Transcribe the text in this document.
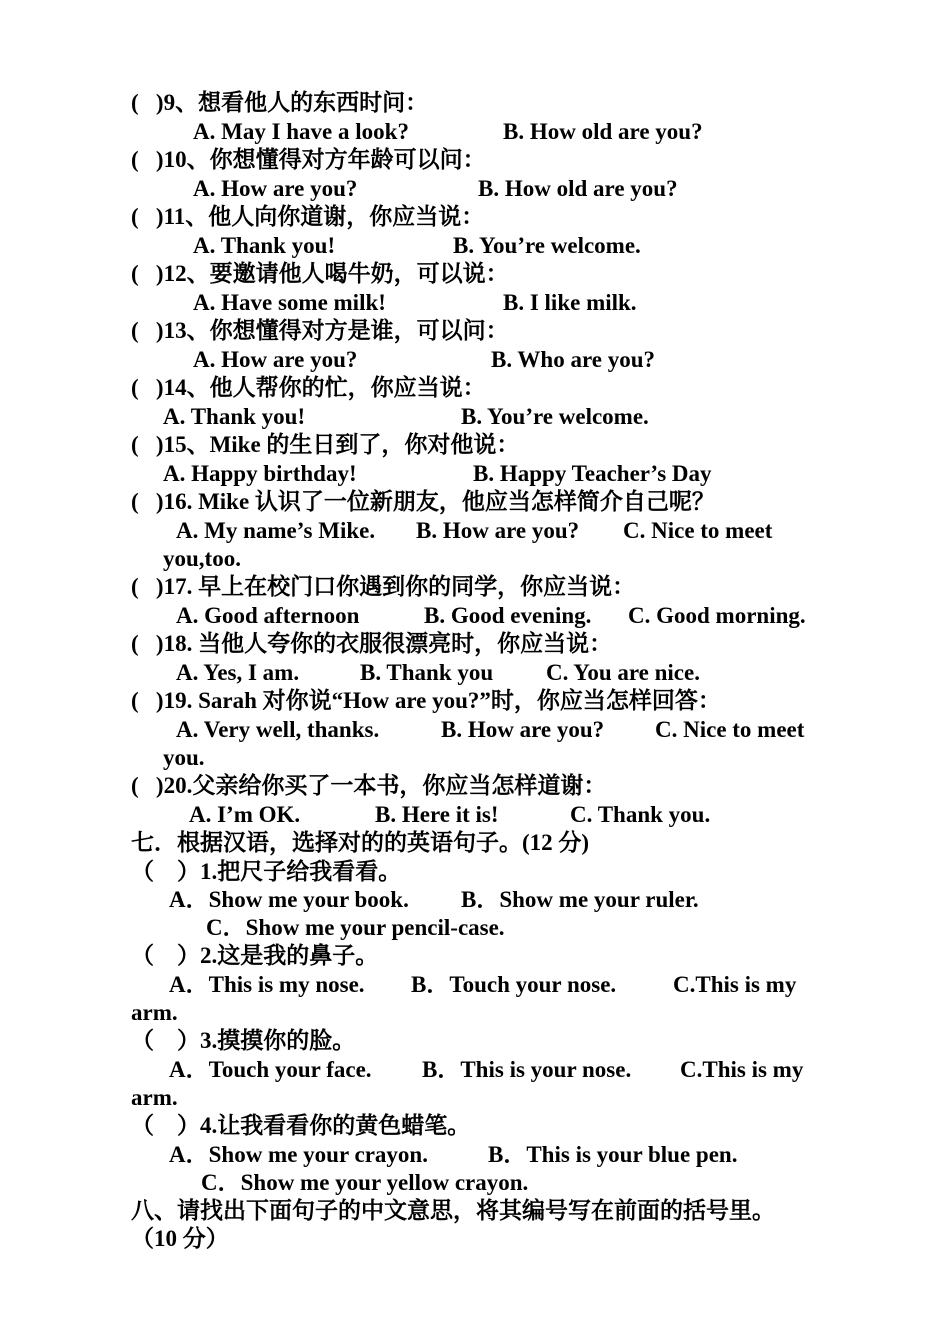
(   )9、想看他人的东西时问：
A. May I have a look?	B. How old are you?
(   )10、你想懂得对方年龄可以问：
A. How are you?	B. How old are you?
(   )11、他人向你道谢，你应当说：
A. Thank you!	B. You’re welcome.
(   )12、要邀请他人喝牛奶，可以说：
A. Have some milk!	B. I like milk.
(   )13、你想懂得对方是谁，可以问：
A. How are you?	B. Who are you?
(   )14、他人帮你的忙，你应当说：
A. Thank you!	B. You’re welcome.
(   )15、Mike 的生日到了，你对他说：
A. Happy birthday!	B. Happy Teacher’s Day
(   )16. Mike 认识了一位新朋友，他应当怎样简介自己呢？
A. My name’s Mike. B. How are you? C. Nice to meet
you,too.
(   )17. 早上在校门口你遇到你的同学，你应当说：
A. Good afternoon	B. Good evening. C. Good morning.
(   )18. 当他人夸你的衣服很漂亮时，你应当说：
A. Yes, I am.	B. Thank you C. You are nice.
(   )19. Sarah 对你说“How are you?”时，你应当怎样回答：
A. Very well, thanks.	B. How are you? C. Nice to meet
you.
(   )20.父亲给你买了一本书，你应当怎样道谢：
A. I’m OK.	B. Here it is!	C. Thank you.
七．根据汉语，选择对的的英语句子。(12 分)
（    ）1.把尺子给我看看。
A．Show me your book. B．Show me your ruler.
C．Show me your pencil-case.
（    ）2.这是我的鼻子。
A．This is my nose. B．Touch your nose. C.This is my
arm.
（    ）3.摸摸你的脸。
A．Touch your face. B．This is your nose. C.This is my
arm.
（    ）4.让我看看你的黄色蜡笔。
A．Show me your crayon.	B．This is your blue pen.
C．Show me your yellow crayon.
八、请找出下面句子的中文意思，将其编号写在前面的括号里。
（10 分）
